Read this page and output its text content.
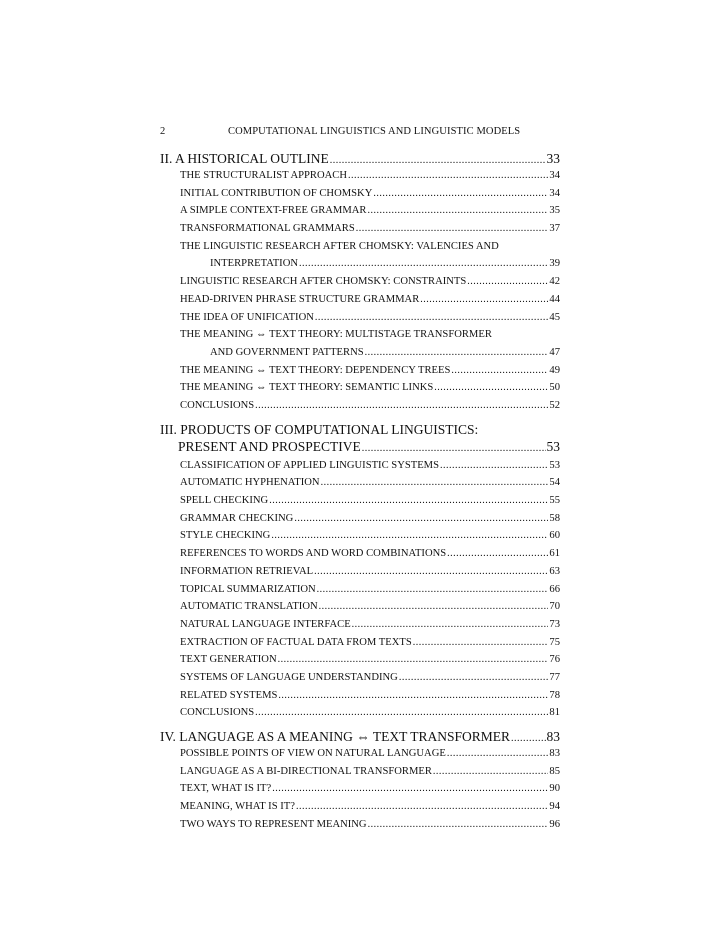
2	COMPUTATIONAL LINGUISTICS AND LINGUISTIC MODELS
II. A HISTORICAL OUTLINE .....	33
THE STRUCTURALIST APPROACH .....	34
INITIAL CONTRIBUTION OF CHOMSKY .....	34
A SIMPLE CONTEXT-FREE GRAMMAR .....	35
TRANSFORMATIONAL GRAMMARS .....	37
THE LINGUISTIC RESEARCH AFTER CHOMSKY: VALENCIES AND
INTERPRETATION .....	39
LINGUISTIC RESEARCH AFTER CHOMSKY: CONSTRAINTS .....	42
HEAD-DRIVEN PHRASE STRUCTURE GRAMMAR .....	44
THE IDEA OF UNIFICATION .....	45
THE MEANING ⇔ TEXT THEORY: MULTISTAGE TRANSFORMER
AND GOVERNMENT PATTERNS .....	47
THE MEANING ⇔ TEXT THEORY: DEPENDENCY TREES .....	49
THE MEANING ⇔ TEXT THEORY: SEMANTIC LINKS .....	50
CONCLUSIONS .....	52
III. PRODUCTS OF COMPUTATIONAL LINGUISTICS:
PRESENT AND PROSPECTIVE .....	53
CLASSIFICATION OF APPLIED LINGUISTIC SYSTEMS .....	53
AUTOMATIC HYPHENATION .....	54
SPELL CHECKING .....	55
GRAMMAR CHECKING .....	58
STYLE CHECKING .....	60
REFERENCES TO WORDS AND WORD COMBINATIONS .....	61
INFORMATION RETRIEVAL .....	63
TOPICAL SUMMARIZATION .....	66
AUTOMATIC TRANSLATION .....	70
NATURAL LANGUAGE INTERFACE .....	73
EXTRACTION OF FACTUAL DATA FROM TEXTS .....	75
TEXT GENERATION .....	76
SYSTEMS OF LANGUAGE UNDERSTANDING .....	77
RELATED SYSTEMS .....	78
CONCLUSIONS .....	81
IV. LANGUAGE AS A MEANING ⇔ TEXT TRANSFORMER .....	83
POSSIBLE POINTS OF VIEW ON NATURAL LANGUAGE .....	83
LANGUAGE AS A BI-DIRECTIONAL TRANSFORMER .....	85
TEXT, WHAT IS IT? .....	90
MEANING, WHAT IS IT? .....	94
TWO WAYS TO REPRESENT MEANING .....	96
